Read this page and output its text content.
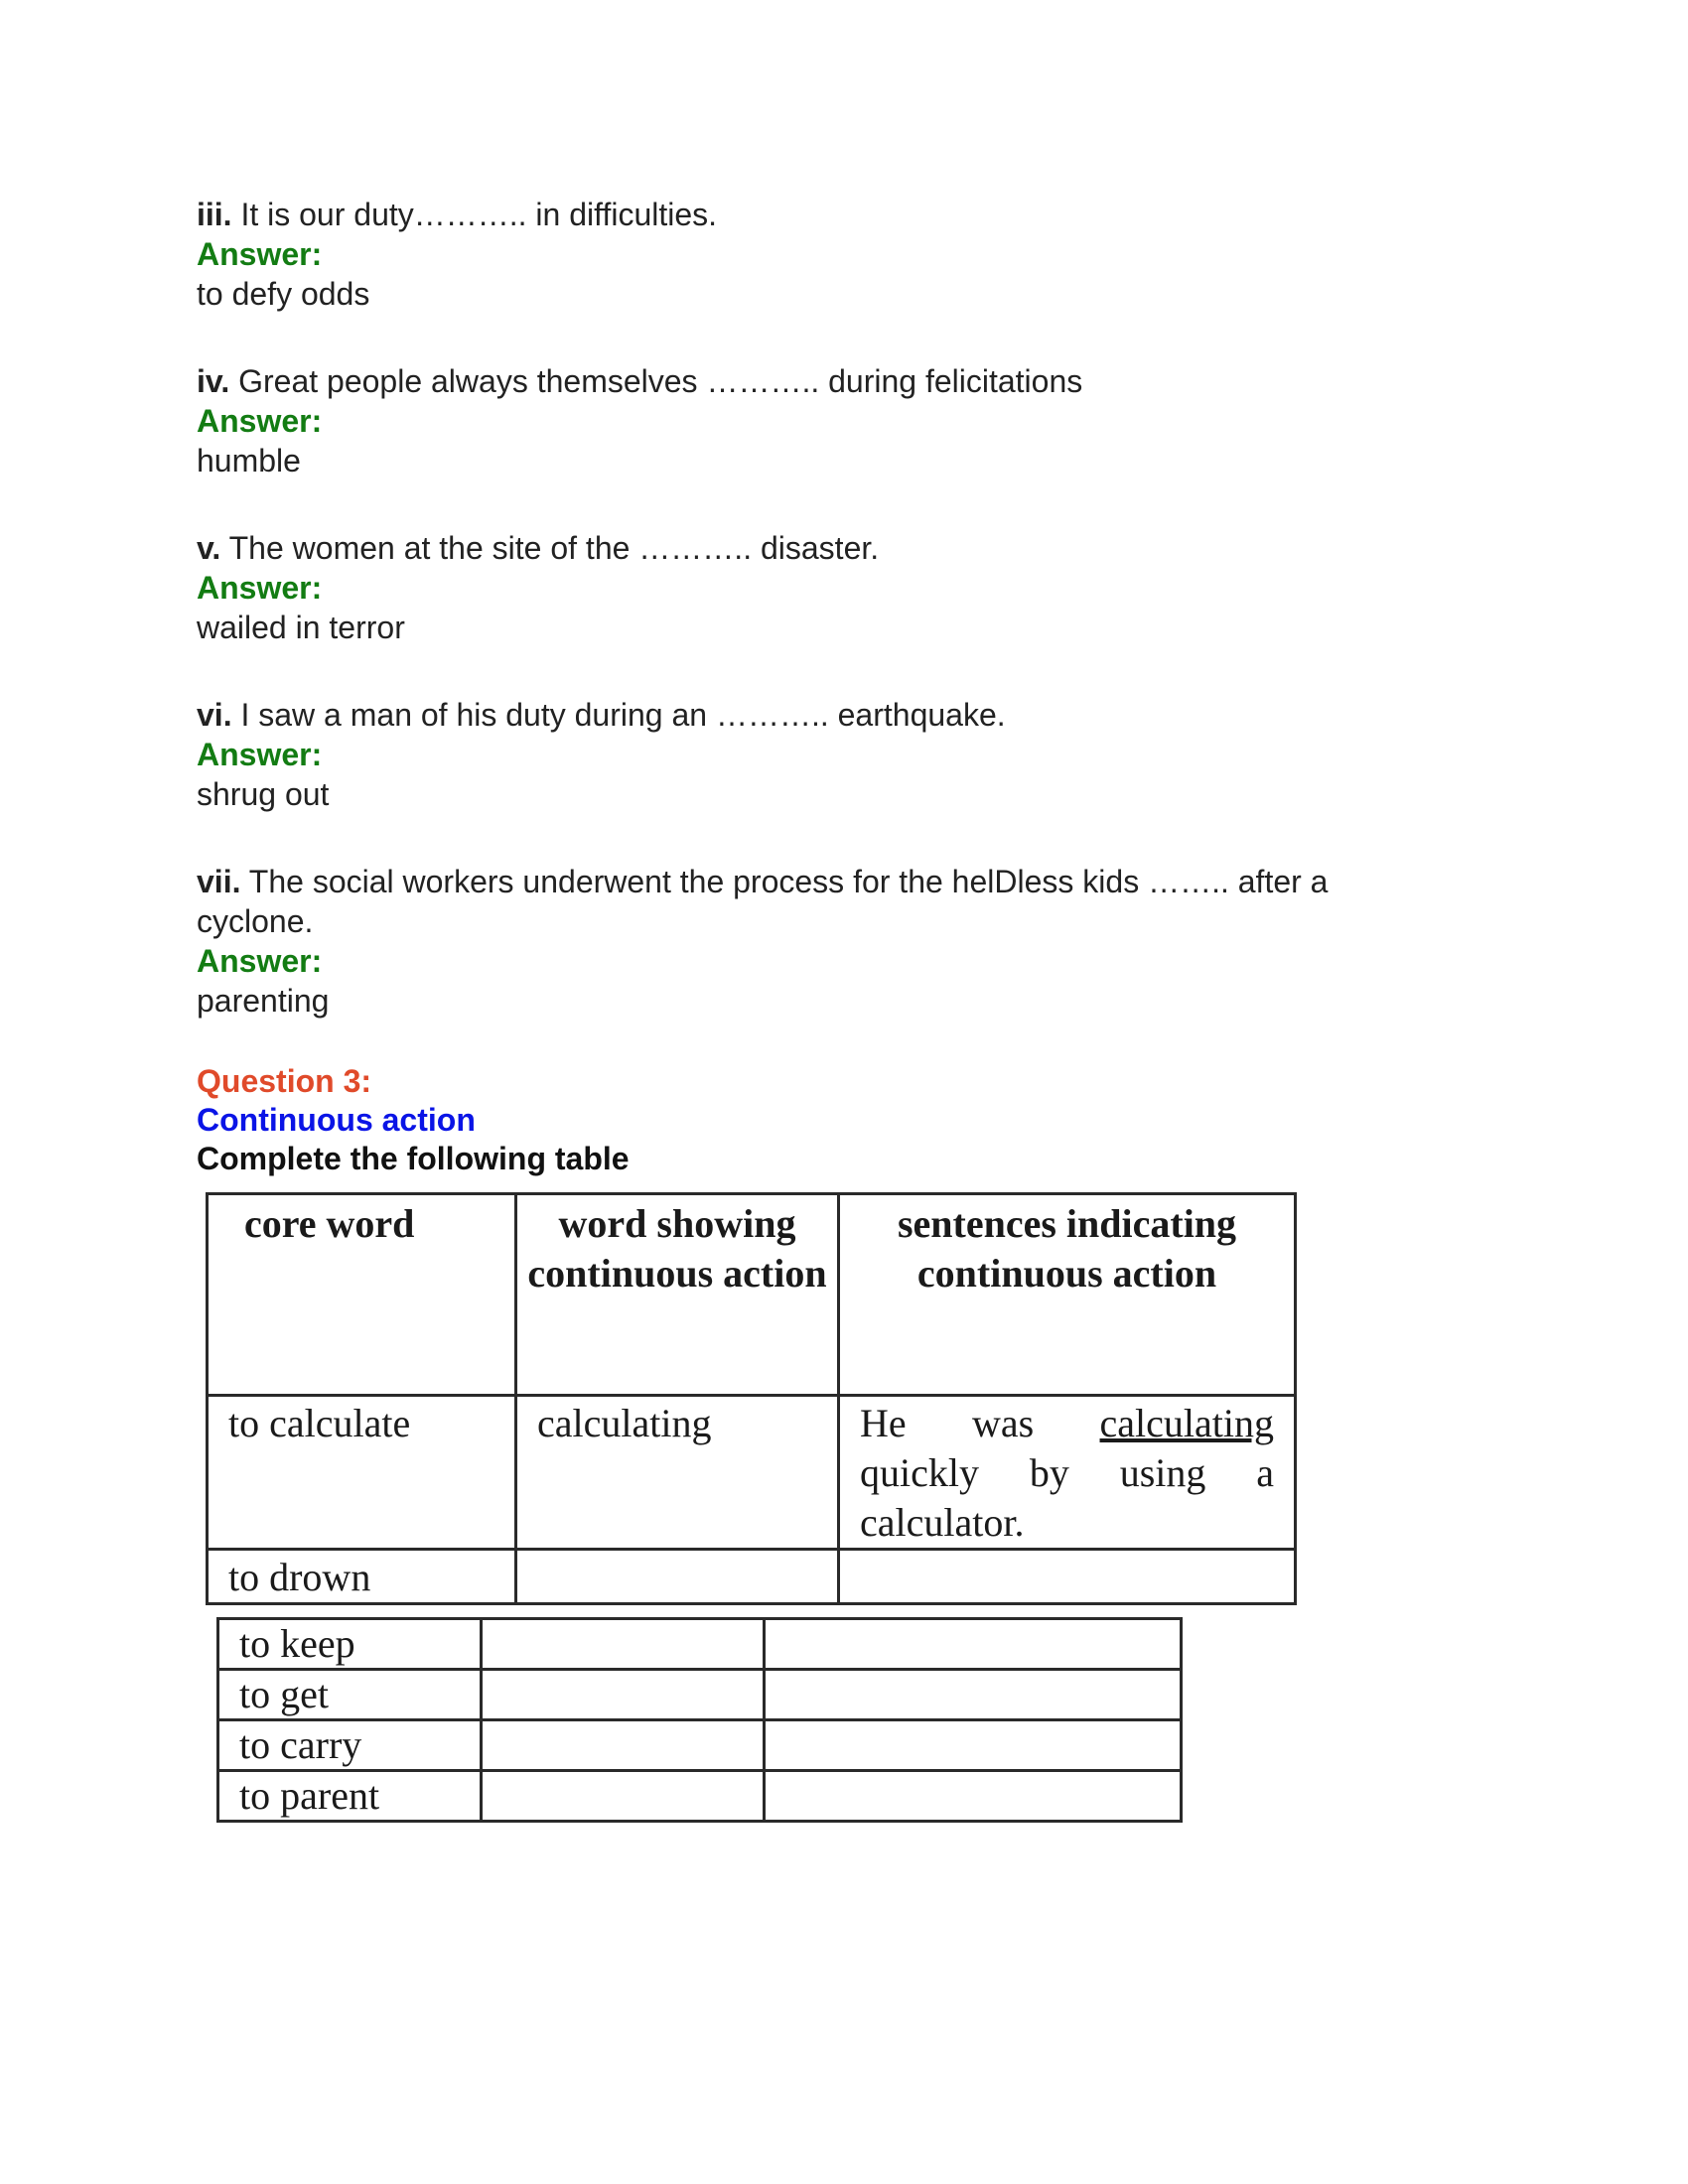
iii. It is our duty……….. in difficulties.

Answer:

to defy odds

iv. Great people always themselves ……….. during felicitations

Answer:

humble

v. The women at the site of the ……….. disaster.

Answer:

wailed in terror

vi. I saw a man of his duty during an ……….. earthquake.

Answer:

shrug out

vii. The social workers underwent the process for the helDless kids …….. after a cyclone.

Answer:

parenting

Question 3:

Continuous action

Complete the following table

core word	word showing continuous action	sentences indicating continuous action
to calculate	calculating	He was calculating quickly by using a calculator.
to drown		
to keep		
to get		
to carry		
to parent		
